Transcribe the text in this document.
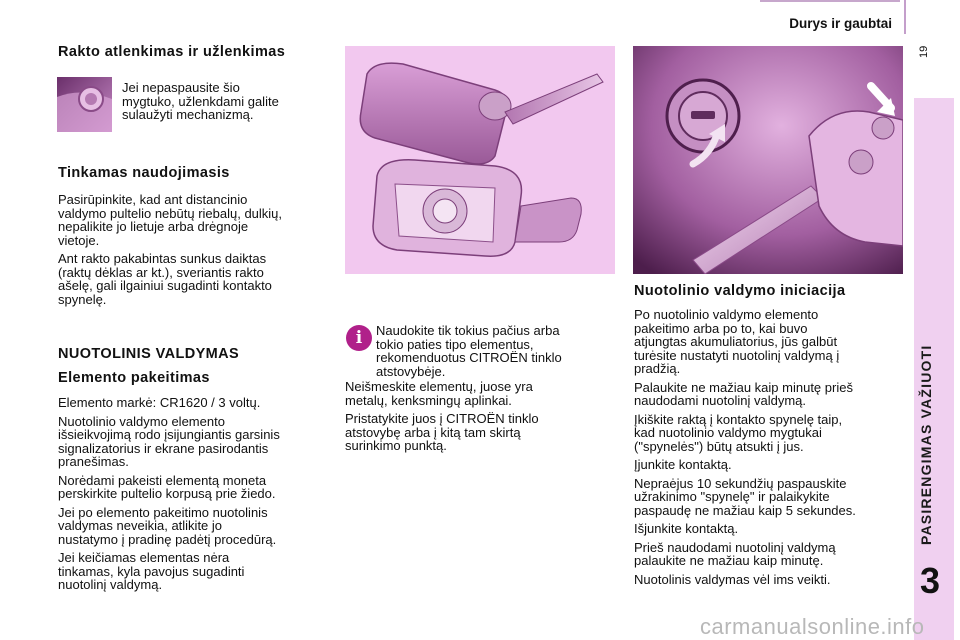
Durys ir gaubtai
19
PASIRENGIMAS VAŽIUOTI
3
Rakto atlenkimas ir užlenkimas
Jei nepaspausite šio
mygtuko, užlenkdami galite
sulaužyti mechanizmą.
Tinkamas naudojimasis
Pasirūpinkite, kad ant distancinio
valdymo pultelio nebūtų riebalų, dulkių,
nepalikite jo lietuje arba drėgnoje
vietoje.
Ant rakto pakabintas sunkus daiktas
(raktų dėklas ar kt.), sveriantis rakto
ašelę, gali ilgainiui sugadinti kontakto
spynelę.
NUOTOLINIS VALDYMAS
Elemento pakeitimas
Elemento markė: CR1620 / 3 voltų.
Nuotolinio valdymo elemento
išsieikvojimą rodo įsijungiantis garsinis
signalizatorius ir ekrane pasirodantis
pranešimas.
Norėdami pakeisti elementą moneta
perskirkite pultelio korpusą prie žiedo.
Jei po elemento pakeitimo nuotolinis
valdymas neveikia, atlikite jo
nustatymo į pradinę padėtį procedūrą.
Jei keičiamas elementas nėra
tinkamas, kyla pavojus sugadinti
nuotolinį valdymą.
i	Naudokite tik tokius pačius arba
tokio paties tipo elementus,
rekomenduotus CITROËN tinklo
atstovybėje.
Neišmeskite elementų, juose yra
metalų, kenksmingų aplinkai.
Pristatykite juos į CITROËN tinklo
atstovybę arba į kitą tam skirtą
surinkimo punktą.
Nuotolinio valdymo iniciacija
Po nuotolinio valdymo elemento
pakeitimo arba po to, kai buvo
atjungtas akumuliatorius, jūs galbūt
turėsite nustatyti nuotolinį valdymą į
pradžią.
Palaukite ne mažiau kaip minutę prieš
naudodami nuotolinį valdymą.
Įkiškite raktą į kontakto spynelę taip,
kad nuotolinio valdymo mygtukai
("spynelės") būtų atsukti į jus.
Įjunkite kontaktą.
Nepraėjus 10 sekundžių paspauskite
užrakinimo "spynelę" ir palaikykite
paspaudę ne mažiau kaip 5 sekundes.
Išjunkite kontaktą.
Prieš naudodami nuotolinį valdymą
palaukite ne mažiau kaip minutę.
Nuotolinis valdymas vėl ims veikti.
carmanualsonline.info
